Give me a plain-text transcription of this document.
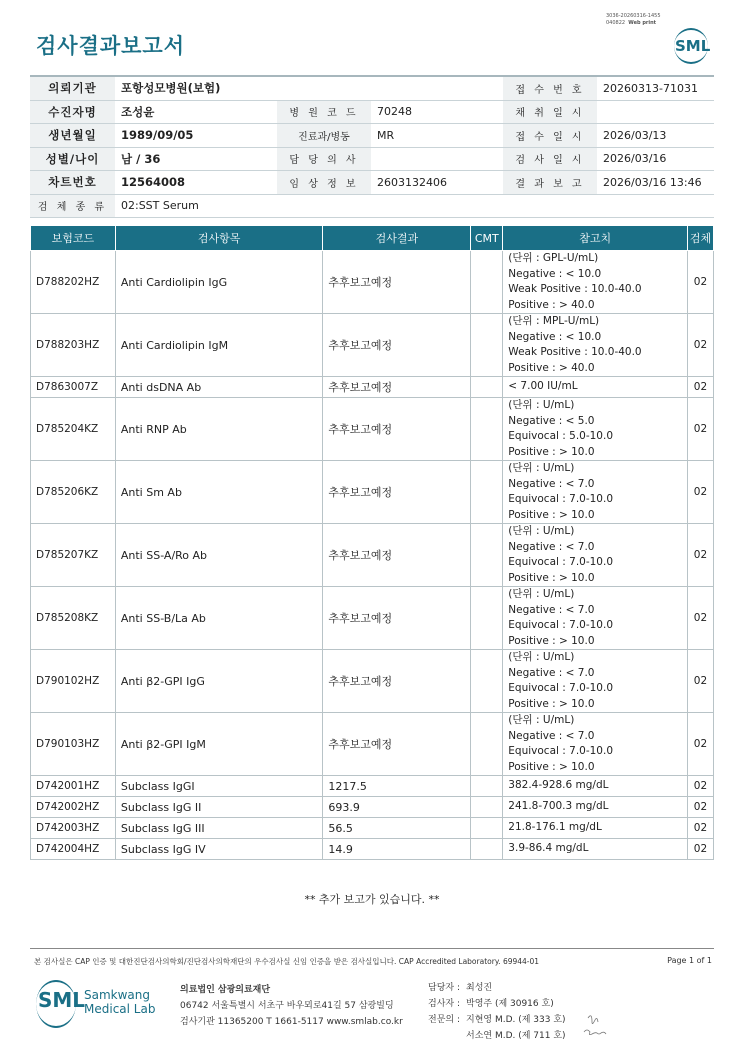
검사결과보고서
3036-20260316-1455
040822 Web print
SML
의뢰기관	포항성모병원(보험)			접 수 번 호	20260313-71031
수진자명	조성윤	병 원 코 드	70248	채 취 일 시	
생년월일	1989/09/05	진료과/병동	MR	접 수 일 시	2026/03/13
성별/나이	남 / 36	담 당 의 사		검 사 일 시	2026/03/16
차트번호	12564008	임 상 정 보	2603132406	결 과 보 고	2026/03/16 13:46
검 체 종 류	02:SST Serum				
보험코드	검사항목	검사결과	CMT	참고치	검체
D788202HZ	Anti Cardiolipin IgG	추후보고예정		(단위 : GPL-U/mL)
Negative : < 10.0
Weak Positive : 10.0-40.0
Positive : > 40.0	02
D788203HZ	Anti Cardiolipin IgM	추후보고예정		(단위 : MPL-U/mL)
Negative : < 10.0
Weak Positive : 10.0-40.0
Positive : > 40.0	02
D7863007Z	Anti dsDNA Ab	추후보고예정		< 7.00 IU/mL	02
D785204KZ	Anti RNP Ab	추후보고예정		(단위 : U/mL)
Negative : < 5.0
Equivocal : 5.0-10.0
Positive : > 10.0	02
D785206KZ	Anti Sm Ab	추후보고예정		(단위 : U/mL)
Negative : < 7.0
Equivocal : 7.0-10.0
Positive : > 10.0	02
D785207KZ	Anti SS-A/Ro Ab	추후보고예정		(단위 : U/mL)
Negative : < 7.0
Equivocal : 7.0-10.0
Positive : > 10.0	02
D785208KZ	Anti SS-B/La Ab	추후보고예정		(단위 : U/mL)
Negative : < 7.0
Equivocal : 7.0-10.0
Positive : > 10.0	02
D790102HZ	Anti β2-GPI IgG	추후보고예정		(단위 : U/mL)
Negative : < 7.0
Equivocal : 7.0-10.0
Positive : > 10.0	02
D790103HZ	Anti β2-GPI IgM	추후보고예정		(단위 : U/mL)
Negative : < 7.0
Equivocal : 7.0-10.0
Positive : > 10.0	02
D742001HZ	Subclass IgGI	1217.5		382.4-928.6 mg/dL	02
D742002HZ	Subclass IgG II	693.9		241.8-700.3 mg/dL	02
D742003HZ	Subclass IgG III	56.5		21.8-176.1 mg/dL	02
D742004HZ	Subclass IgG IV	14.9		3.9-86.4 mg/dL	02
** 추가 보고가 있습니다. **
본 검사실은 CAP 인증 및 대한진단검사의학회/진단검사의학재단의 우수검사실 신임 인증을 받은 검사실입니다. CAP Accredited Laboratory. 69944-01	Page 1 of 1
SML
Samkwang
Medical Lab
의료법인 삼광의료재단
06742 서울특별시 서초구 바우뫼로41길 57 삼광빌딩
검사기관 11365200 T 1661-5117 www.smlab.co.kr
담당자 :	최성진
검사자 :	박영주 (제 30916 호)
전문의 :	지현영 M.D. (제 333 호)
	서소연 M.D. (제 711 호)
